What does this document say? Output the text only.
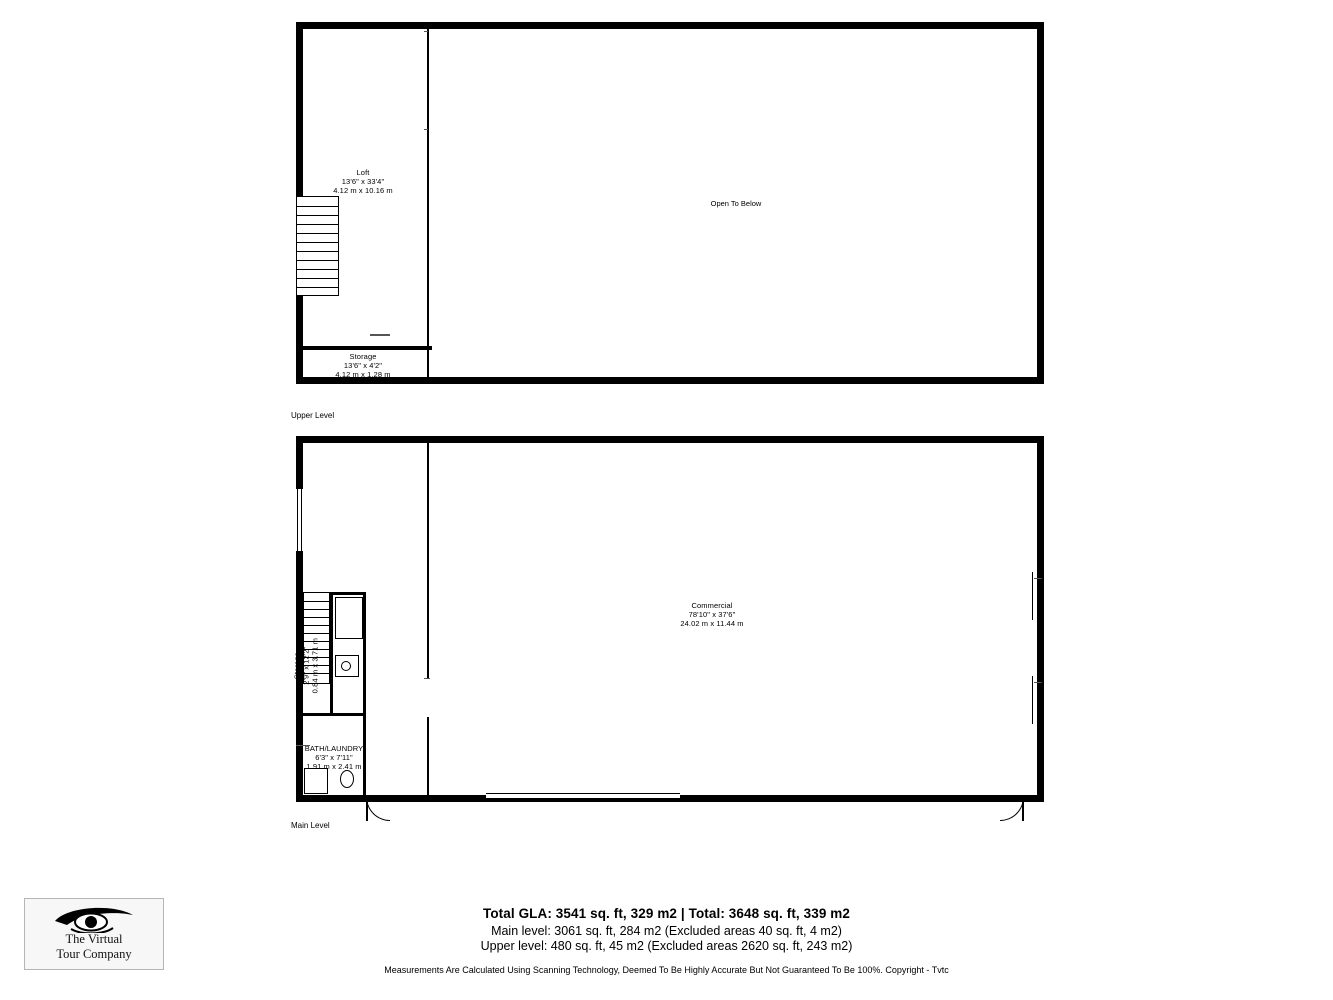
Loft
13'6" x 33'4"
4.12 m x 10.16 m
Storage
13'6" x 4'2"
4.12 m x 1.28 m
Open To Below
Upper Level
Commercial
78'10" x 37'6"
24.02 m x 11.44 m
Storage 2'9" x 12'2" 0.84 m x 3.71 m
BATH/LAUNDRY
6'3" x 7'11"
1.91 m x 2.41 m
Main Level
The Virtual
Tour Company
Total GLA: 3541 sq. ft, 329 m2 | Total: 3648 sq. ft, 339 m2
Main level: 3061 sq. ft, 284 m2 (Excluded areas 40 sq. ft, 4 m2)
Upper level: 480 sq. ft, 45 m2 (Excluded areas 2620 sq. ft, 243 m2)
Measurements Are Calculated Using Scanning Technology, Deemed To Be Highly Accurate But Not Guaranteed To Be 100%. Copyright - Tvtc
